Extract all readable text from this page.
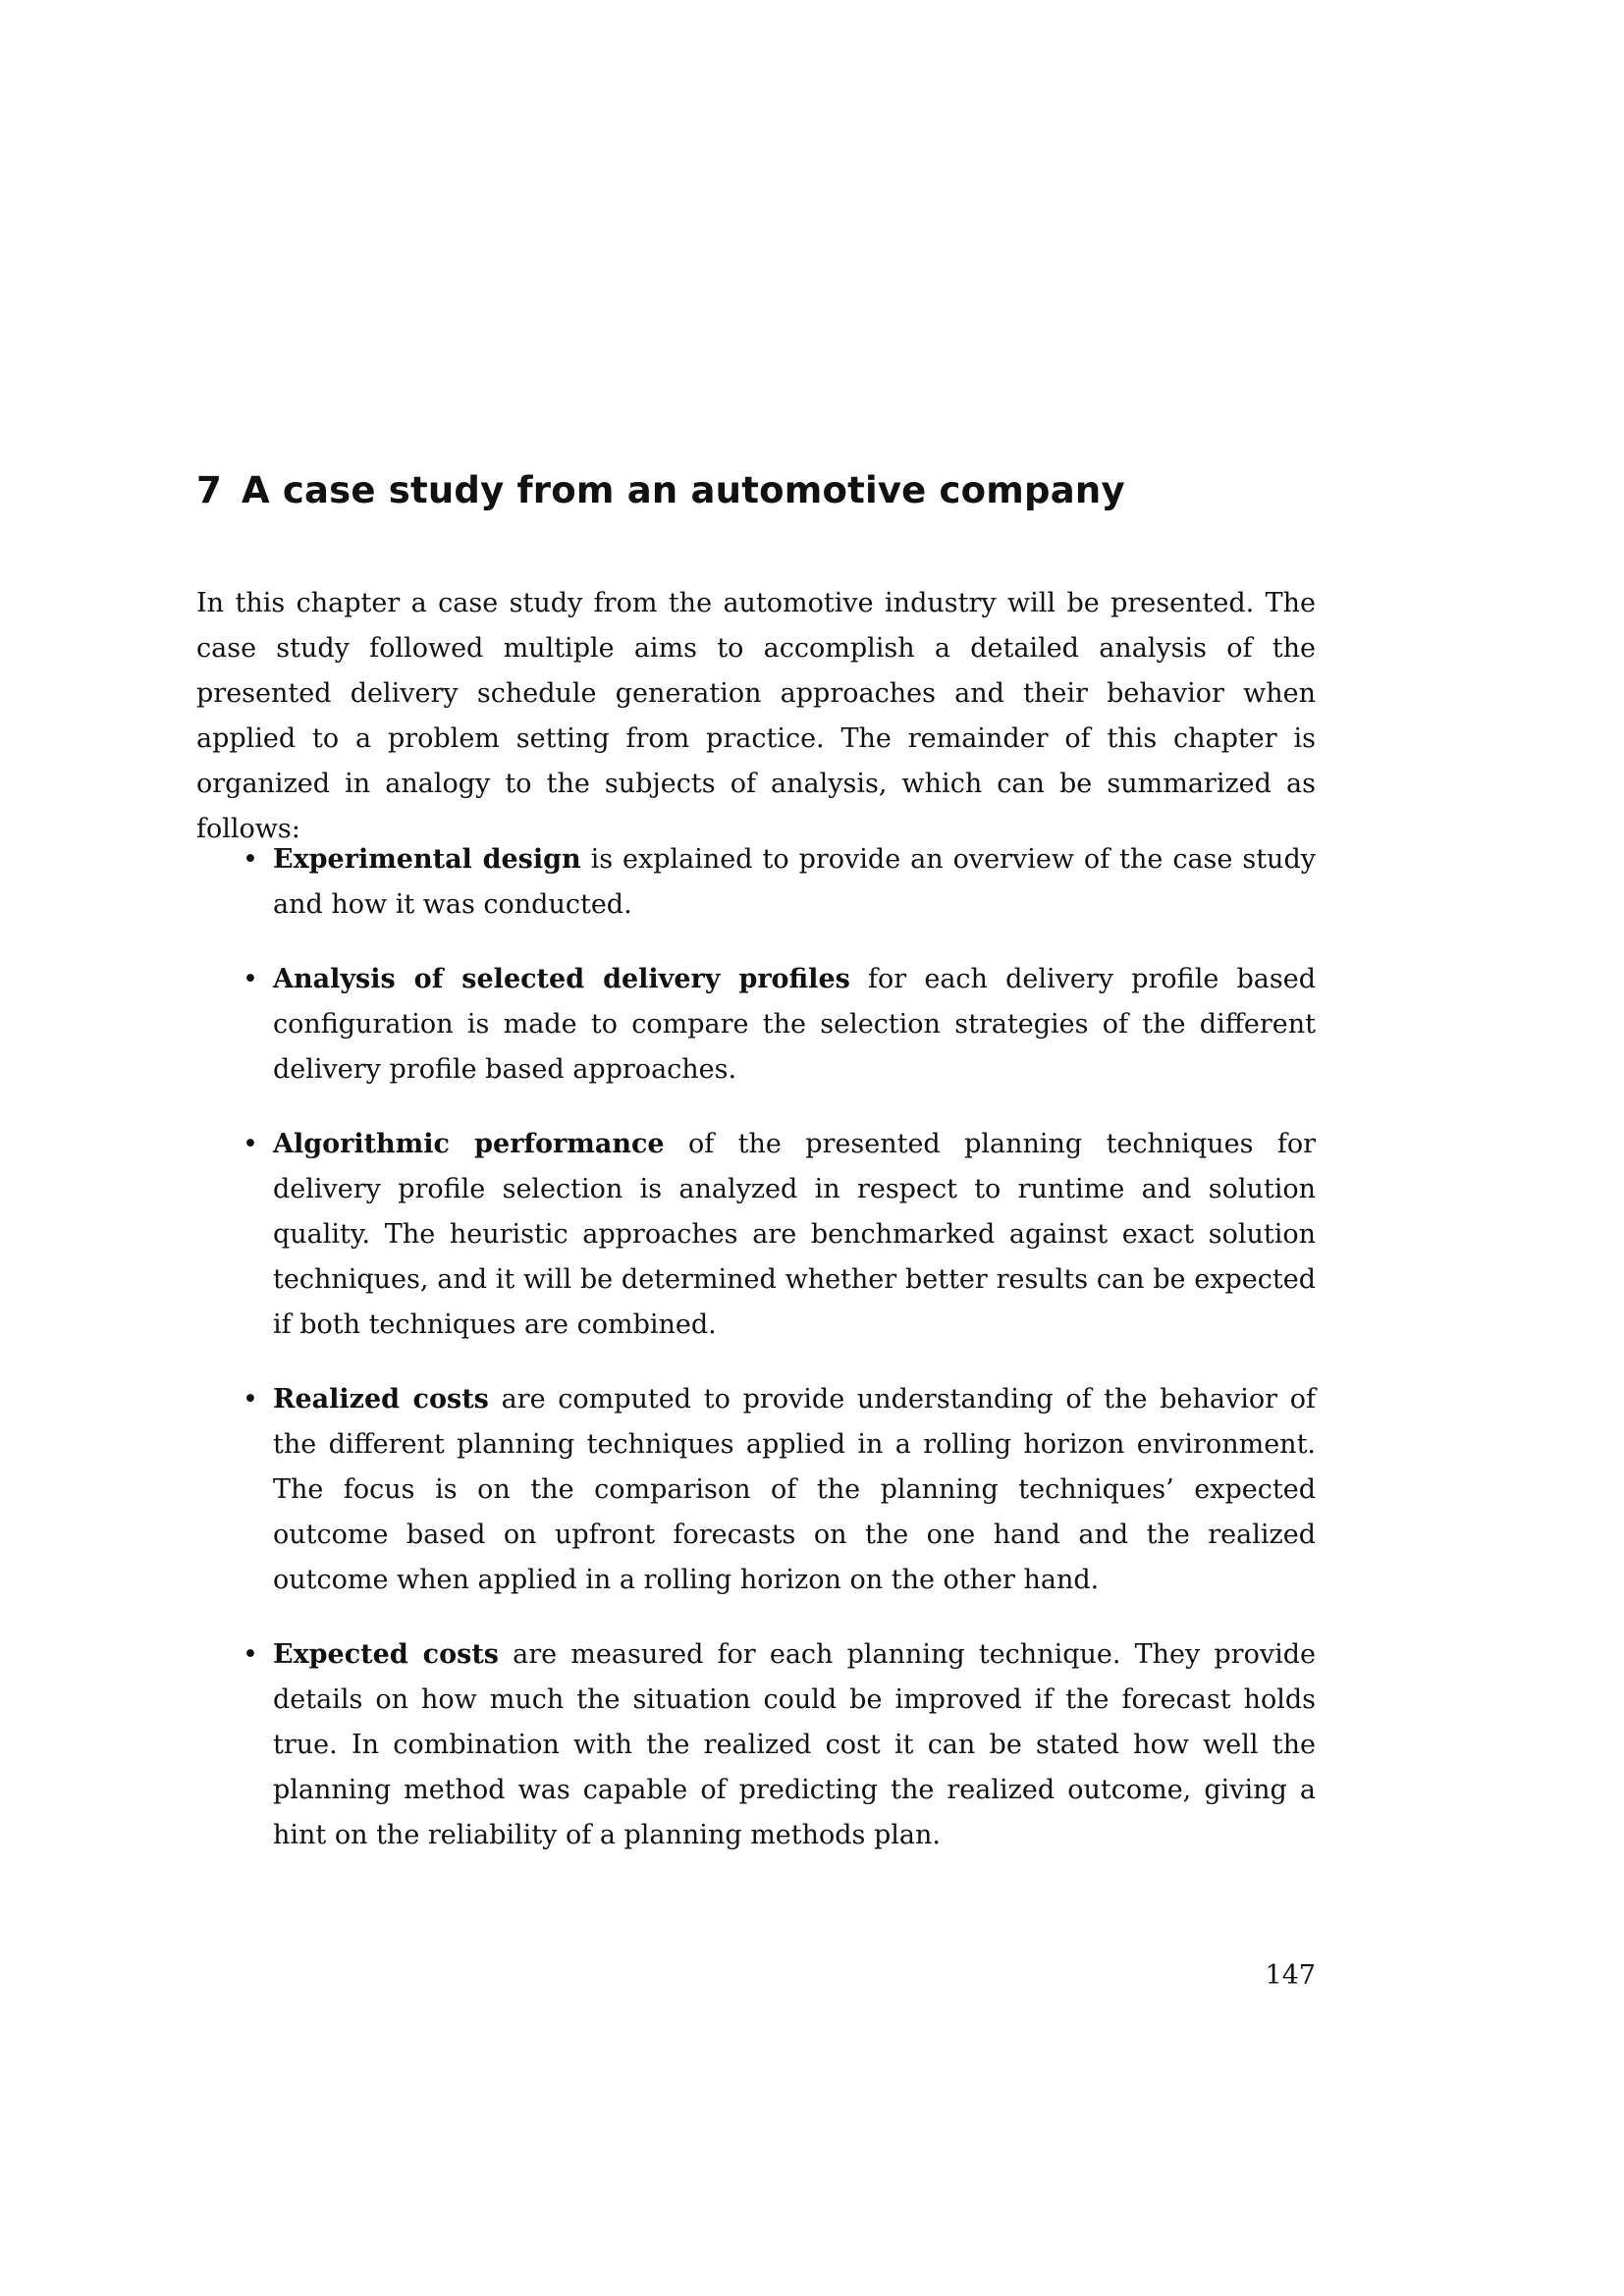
7 A case study from an automotive company

In this chapter a case study from the automotive industry will be presented. The case study followed multiple aims to accomplish a detailed analysis of the presented delivery schedule generation approaches and their behavior when applied to a problem setting from practice. The remainder of this chapter is organized in analogy to the subjects of analysis, which can be summarized as follows:

• Experimental design is explained to provide an overview of the case study and how it was conducted.
• Analysis of selected delivery profiles for each delivery profile based configuration is made to compare the selection strategies of the different delivery profile based approaches.
• Algorithmic performance of the presented planning techniques for delivery profile selection is analyzed in respect to runtime and solution quality. The heuristic approaches are benchmarked against exact solution techniques, and it will be determined whether better results can be expected if both techniques are combined.
• Realized costs are computed to provide understanding of the behavior of the different planning techniques applied in a rolling horizon environment. The focus is on the comparison of the planning techniques’ expected outcome based on upfront forecasts on the one hand and the realized outcome when applied in a rolling horizon on the other hand.
• Expected costs are measured for each planning technique. They provide details on how much the situation could be improved if the forecast holds true. In combination with the realized cost it can be stated how well the planning method was capable of predicting the realized outcome, giving a hint on the reliability of a planning methods plan.

147
